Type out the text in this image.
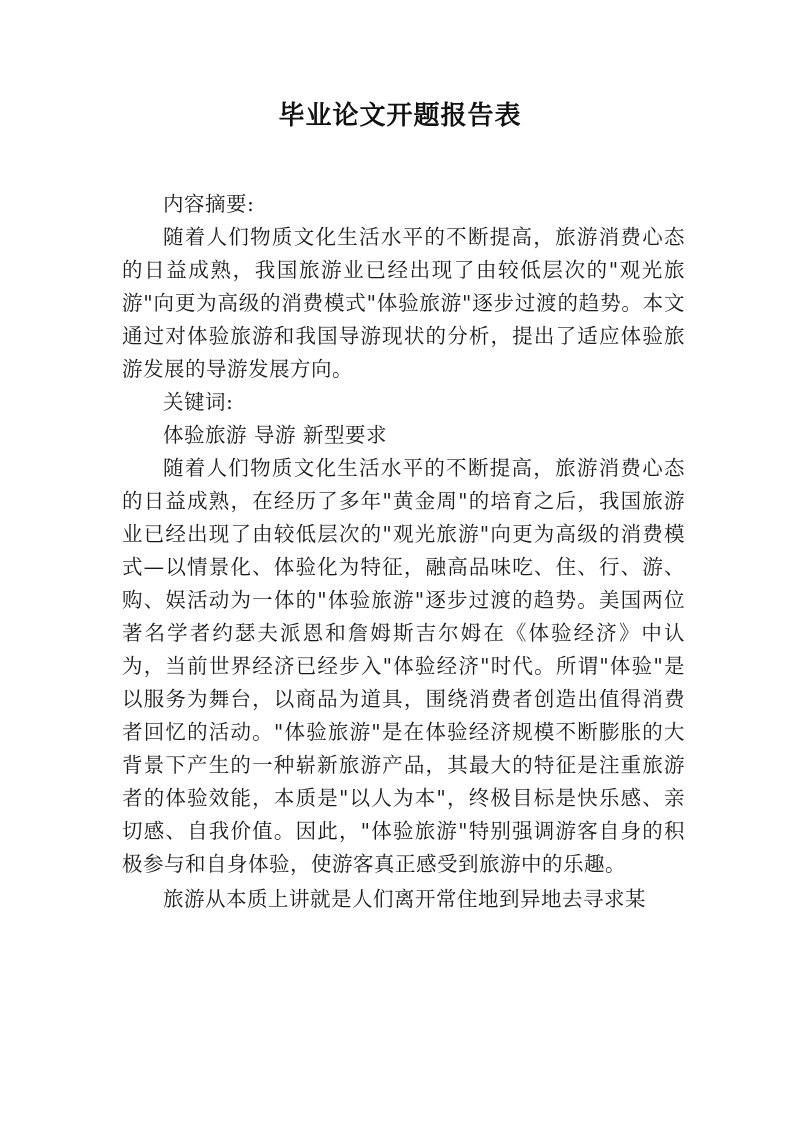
毕业论文开题报告表

内容摘要:

随着人们物质文化生活水平的不断提高，旅游消费心态的日益成熟，我国旅游业已经出现了由较低层次的"观光旅游"向更为高级的消费模式"体验旅游"逐步过渡的趋势。本文通过对体验旅游和我国导游现状的分析，提出了适应体验旅游发展的导游发展方向。

关键词:

体验旅游 导游 新型要求

随着人们物质文化生活水平的不断提高，旅游消费心态的日益成熟，在经历了多年"黄金周"的培育之后，我国旅游业已经出现了由较低层次的"观光旅游"向更为高级的消费模式—以情景化、体验化为特征，融高品味吃、住、行、游、购、娱活动为一体的"体验旅游"逐步过渡的趋势。美国两位著名学者约瑟夫派恩和詹姆斯吉尔姆在《体验经济》中认为，当前世界经济已经步入"体验经济"时代。所谓"体验"是以服务为舞台，以商品为道具，围绕消费者创造出值得消费者回忆的活动。"体验旅游"是在体验经济规模不断膨胀的大背景下产生的一种崭新旅游产品，其最大的特征是注重旅游者的体验效能，本质是"以人为本"，终极目标是快乐感、亲切感、自我价值。因此，"体验旅游"特别强调游客自身的积极参与和自身体验，使游客真正感受到旅游中的乐趣。

旅游从本质上讲就是人们离开常住地到异地去寻求某
